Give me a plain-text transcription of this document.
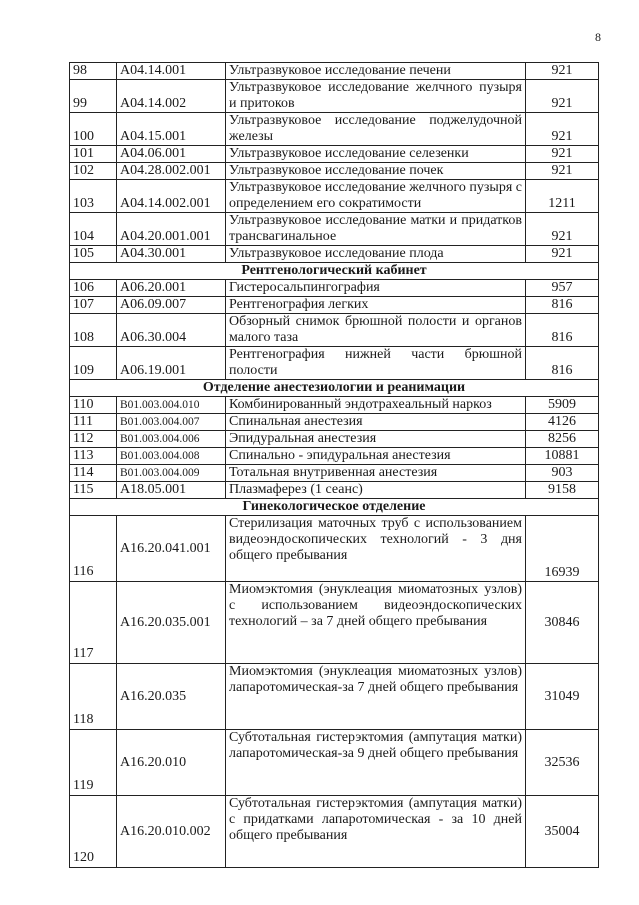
8
98	А04.14.001	Ультразвуковое исследование печени	921
99	А04.14.002	Ультразвуковое исследование желчного пузыря и притоков	921
100	А04.15.001	Ультразвуковое исследование поджелудочной железы	921
101	А04.06.001	Ультразвуковое исследование селезенки	921
102	А04.28.002.001	Ультразвуковое исследование почек	921
103	А04.14.002.001	Ультразвуковое исследование желчного пузыря с определением его сократимости	1211
104	А04.20.001.001	Ультразвуковое исследование матки и придатков трансвагинальное	921
105	А04.30.001	Ультразвуковое исследование плода	921
Рентгенологический кабинет			
106	А06.20.001	Гистеросальпингография	957
107	А06.09.007	Рентгенография легких	816
108	А06.30.004	Обзорный снимок брюшной полости и органов малого таза	816
109	А06.19.001	Рентгенография нижней части брюшной полости	816
Отделение анестезиологии и реанимации			
110	В01.003.004.010	Комбинированный эндотрахеальный наркоз	5909
111	В01.003.004.007	Спинальная анестезия	4126
112	В01.003.004.006	Эпидуральная анестезия	8256
113	В01.003.004.008	Спинально - эпидуральная анестезия	10881
114	В01.003.004.009	Тотальная внутривенная анестезия	903
115	А18.05.001	Плазмаферез (1 сеанс)	9158
Гинекологическое отделение			
116	А16.20.041.001	Стерилизация маточных труб с использованием видеоэндоскопических технологий - 3 дня общего пребывания	16939
117	А16.20.035.001	Миомэктомия (энуклеация миоматозных узлов) с использованием видеоэндоскопических технологий – за 7 дней общего пребывания	30846
118	А16.20.035	Миомэктомия (энуклеация миоматозных узлов) лапаротомическая-за 7 дней общего пребывания	31049
119	А16.20.010	Субтотальная гистерэктомия (ампутация матки) лапаротомическая-за 9 дней общего пребывания	32536
120	А16.20.010.002	Субтотальная гистерэктомия (ампутация матки) с придатками лапаротомическая - за 10 дней общего пребывания	35004
